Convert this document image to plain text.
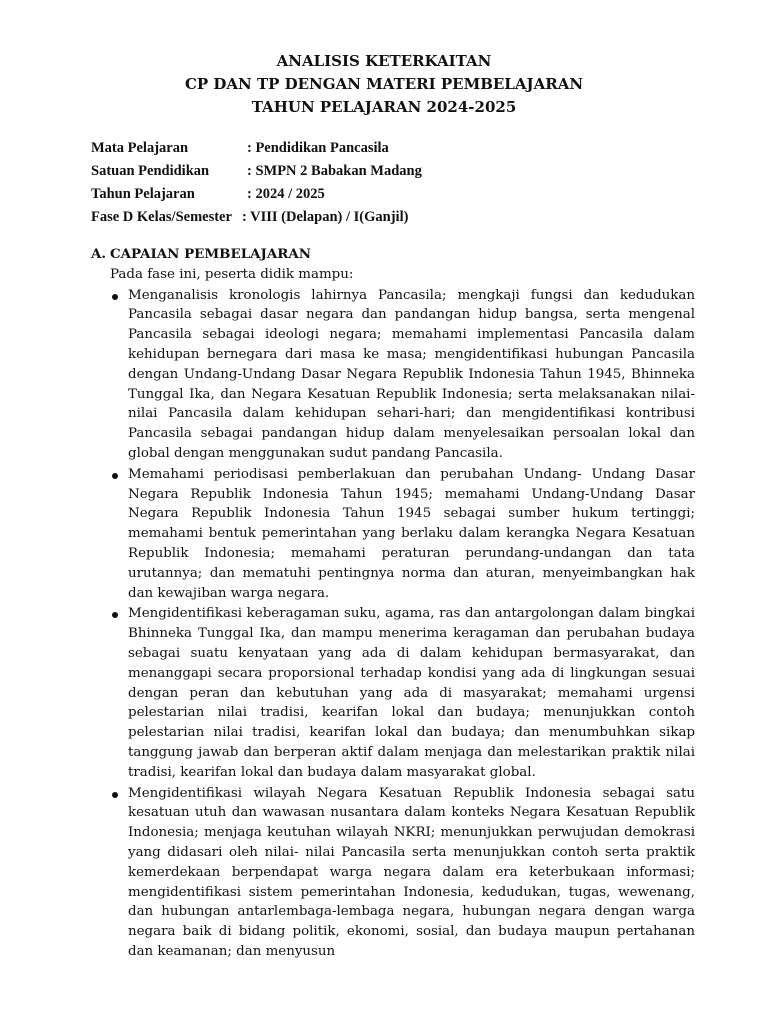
ANALISIS KETERKAITAN
CP DAN TP DENGAN MATERI PEMBELAJARAN
TAHUN PELAJARAN 2024-2025
Mata Pelajaran	: Pendidikan Pancasila
Satuan Pendidikan	: SMPN 2 Babakan Madang
Tahun Pelajaran	: 2024 / 2025
Fase D Kelas/Semester : VIII (Delapan) / I(Ganjil)
A. CAPAIAN PEMBELAJARAN
Pada fase ini, peserta didik mampu:
Menganalisis kronologis lahirnya Pancasila; mengkaji fungsi dan kedudukan Pancasila sebagai dasar negara dan pandangan hidup bangsa, serta mengenal Pancasila sebagai ideologi negara; memahami implementasi Pancasila dalam kehidupan bernegara dari masa ke masa; mengidentifikasi hubungan Pancasila dengan Undang-Undang Dasar Negara Republik Indonesia Tahun 1945, Bhinneka Tunggal Ika, dan Negara Kesatuan Republik Indonesia; serta melaksanakan nilai- nilai Pancasila dalam kehidupan sehari-hari; dan mengidentifikasi kontribusi Pancasila sebagai pandangan hidup dalam menyelesaikan persoalan lokal dan global dengan menggunakan sudut pandang Pancasila.
Memahami periodisasi pemberlakuan dan perubahan Undang- Undang Dasar Negara Republik Indonesia Tahun 1945; memahami Undang-Undang Dasar Negara Republik Indonesia Tahun 1945 sebagai sumber hukum tertinggi; memahami bentuk pemerintahan yang berlaku dalam kerangka Negara Kesatuan Republik Indonesia; memahami peraturan perundang-undangan dan tata urutannya; dan mematuhi pentingnya norma dan aturan, menyeimbangkan hak dan kewajiban warga negara.
Mengidentifikasi keberagaman suku, agama, ras dan antargolongan dalam bingkai Bhinneka Tunggal Ika, dan mampu menerima keragaman dan perubahan budaya sebagai suatu kenyataan yang ada di dalam kehidupan bermasyarakat, dan menanggapi secara proporsional terhadap kondisi yang ada di lingkungan sesuai dengan peran dan kebutuhan yang ada di masyarakat; memahami urgensi pelestarian nilai tradisi, kearifan lokal dan budaya; menunjukkan contoh pelestarian nilai tradisi, kearifan lokal dan budaya; dan menumbuhkan sikap tanggung jawab dan berperan aktif dalam menjaga dan melestarikan praktik nilai tradisi, kearifan lokal dan budaya dalam masyarakat global.
Mengidentifikasi wilayah Negara Kesatuan Republik Indonesia sebagai satu kesatuan utuh dan wawasan nusantara dalam konteks Negara Kesatuan Republik Indonesia; menjaga keutuhan wilayah NKRI; menunjukkan perwujudan demokrasi yang didasari oleh nilai- nilai Pancasila serta menunjukkan contoh serta praktik kemerdekaan berpendapat warga negara dalam era keterbukaan informasi; mengidentifikasi sistem pemerintahan Indonesia, kedudukan, tugas, wewenang, dan hubungan antarlembaga-lembaga negara, hubungan negara dengan warga negara baik di bidang politik, ekonomi, sosial, dan budaya maupun pertahanan dan keamanan; dan menyusun
